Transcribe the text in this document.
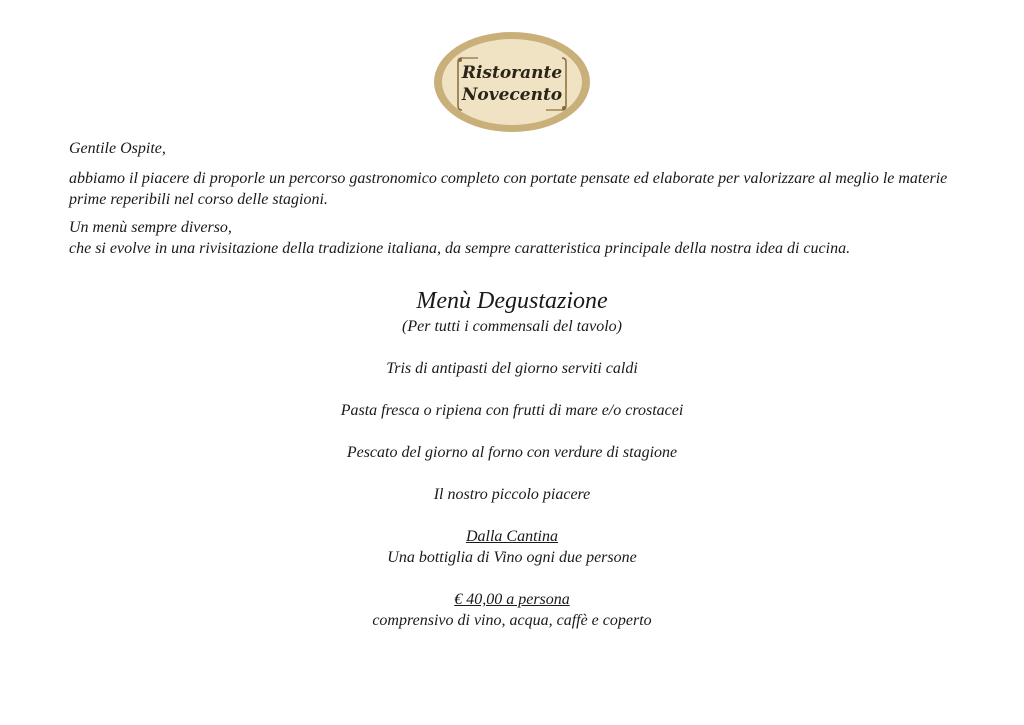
Ristorante
Novecento

Gentile Ospite,

abbiamo il piacere di proporle un percorso gastronomico completo con portate pensate ed elaborate per valorizzare al meglio le materie prime reperibili nel corso delle stagioni.

Un menù sempre diverso,
che si evolve in una rivisitazione della tradizione italiana, da sempre caratteristica principale della nostra idea di cucina.

Menù Degustazione
(Per tutti i commensali del tavolo)
Tris di antipasti del giorno serviti caldi
Pasta fresca o ripiena con frutti di mare e/o crostacei
Pescato del giorno al forno con verdure di stagione
Il nostro piccolo piacere
Dalla Cantina
Una bottiglia di Vino ogni due persone
€ 40,00 a persona
comprensivo di vino, acqua, caffè e coperto
